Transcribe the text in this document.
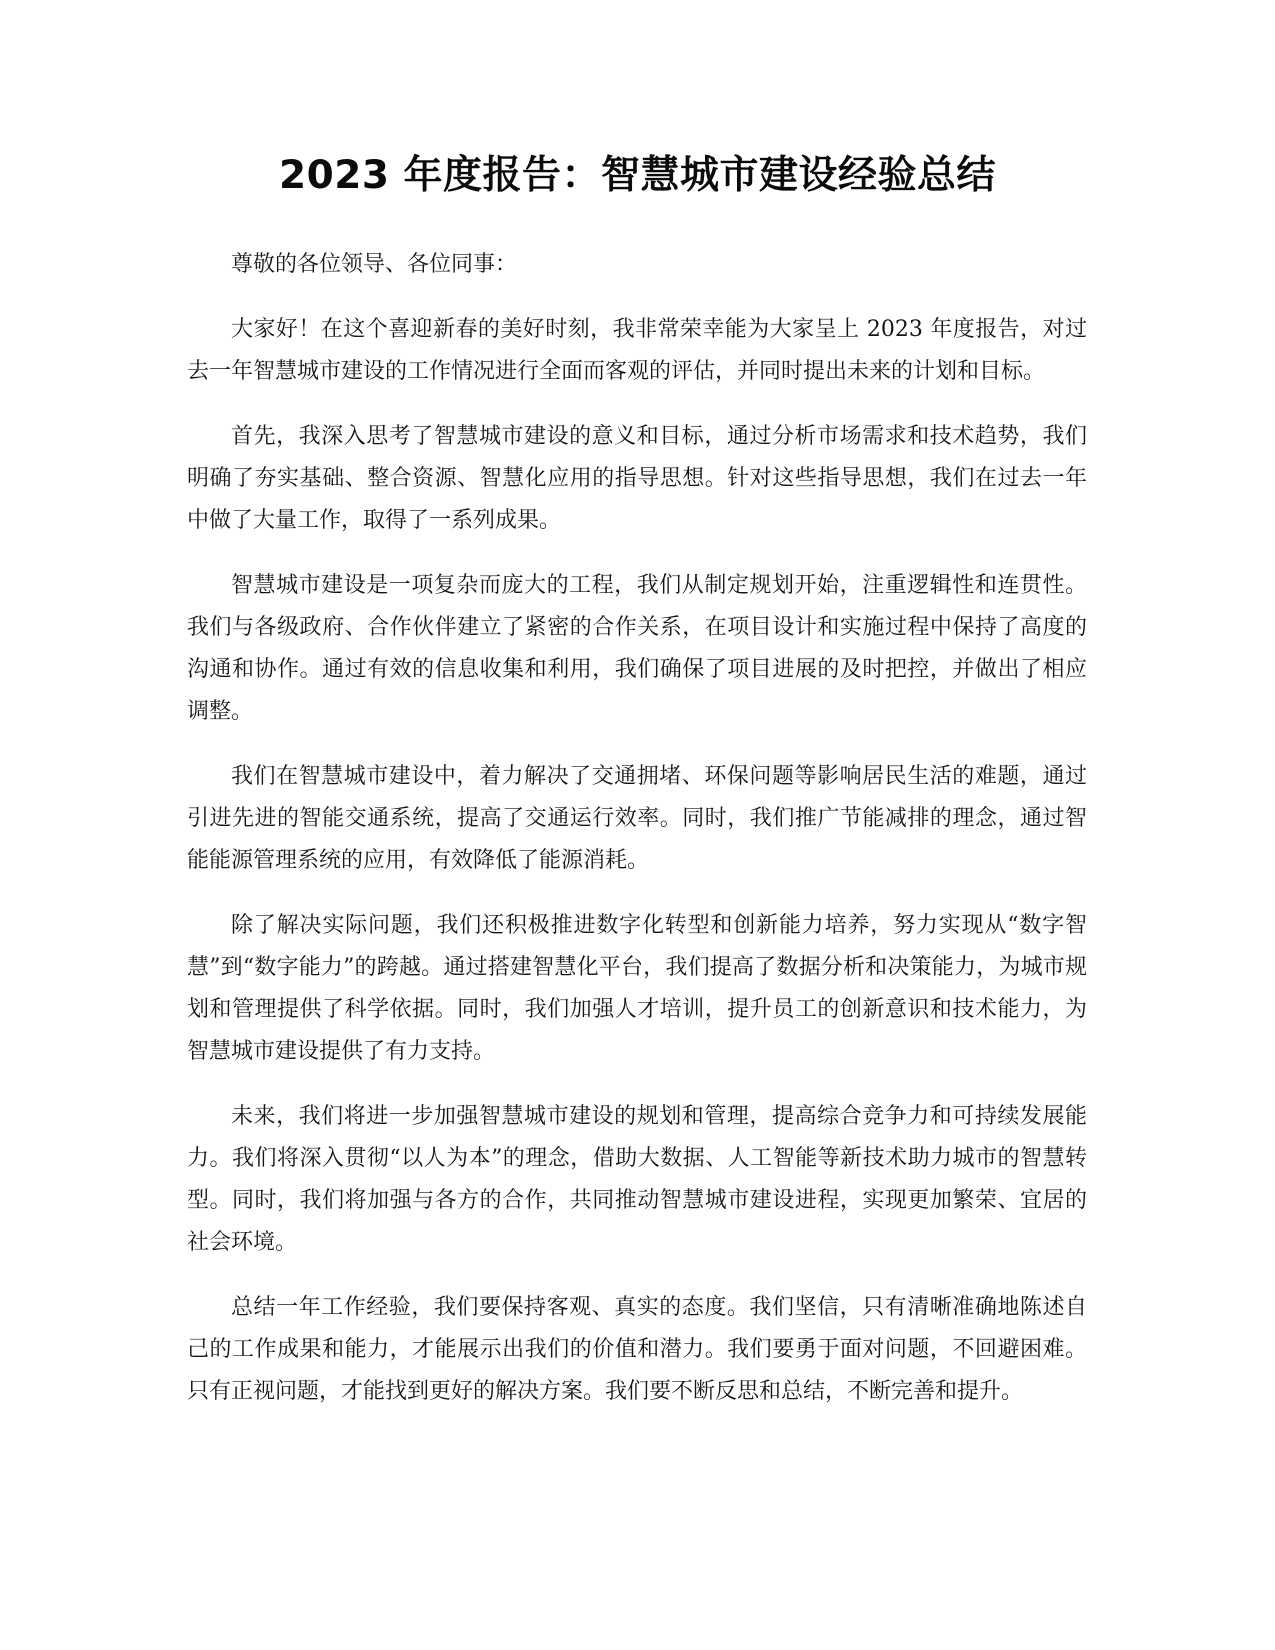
2023 年度报告：智慧城市建设经验总结

尊敬的各位领导、各位同事：

大家好！在这个喜迎新春的美好时刻，我非常荣幸能为大家呈上 2023 年度报告，对过去一年智慧城市建设的工作情况进行全面而客观的评估，并同时提出未来的计划和目标。

首先，我深入思考了智慧城市建设的意义和目标，通过分析市场需求和技术趋势，我们明确了夯实基础、整合资源、智慧化应用的指导思想。针对这些指导思想，我们在过去一年中做了大量工作，取得了一系列成果。

智慧城市建设是一项复杂而庞大的工程，我们从制定规划开始，注重逻辑性和连贯性。我们与各级政府、合作伙伴建立了紧密的合作关系，在项目设计和实施过程中保持了高度的沟通和协作。通过有效的信息收集和利用，我们确保了项目进展的及时把控，并做出了相应调整。

我们在智慧城市建设中，着力解决了交通拥堵、环保问题等影响居民生活的难题，通过引进先进的智能交通系统，提高了交通运行效率。同时，我们推广节能减排的理念，通过智能能源管理系统的应用，有效降低了能源消耗。

除了解决实际问题，我们还积极推进数字化转型和创新能力培养，努力实现从“数字智慧”到“数字能力”的跨越。通过搭建智慧化平台，我们提高了数据分析和决策能力，为城市规划和管理提供了科学依据。同时，我们加强人才培训，提升员工的创新意识和技术能力，为智慧城市建设提供了有力支持。

未来，我们将进一步加强智慧城市建设的规划和管理，提高综合竞争力和可持续发展能力。我们将深入贯彻“以人为本”的理念，借助大数据、人工智能等新技术助力城市的智慧转型。同时，我们将加强与各方的合作，共同推动智慧城市建设进程，实现更加繁荣、宜居的社会环境。

总结一年工作经验，我们要保持客观、真实的态度。我们坚信，只有清晰准确地陈述自己的工作成果和能力，才能展示出我们的价值和潜力。我们要勇于面对问题，不回避困难。只有正视问题，才能找到更好的解决方案。我们要不断反思和总结，不断完善和提升。
